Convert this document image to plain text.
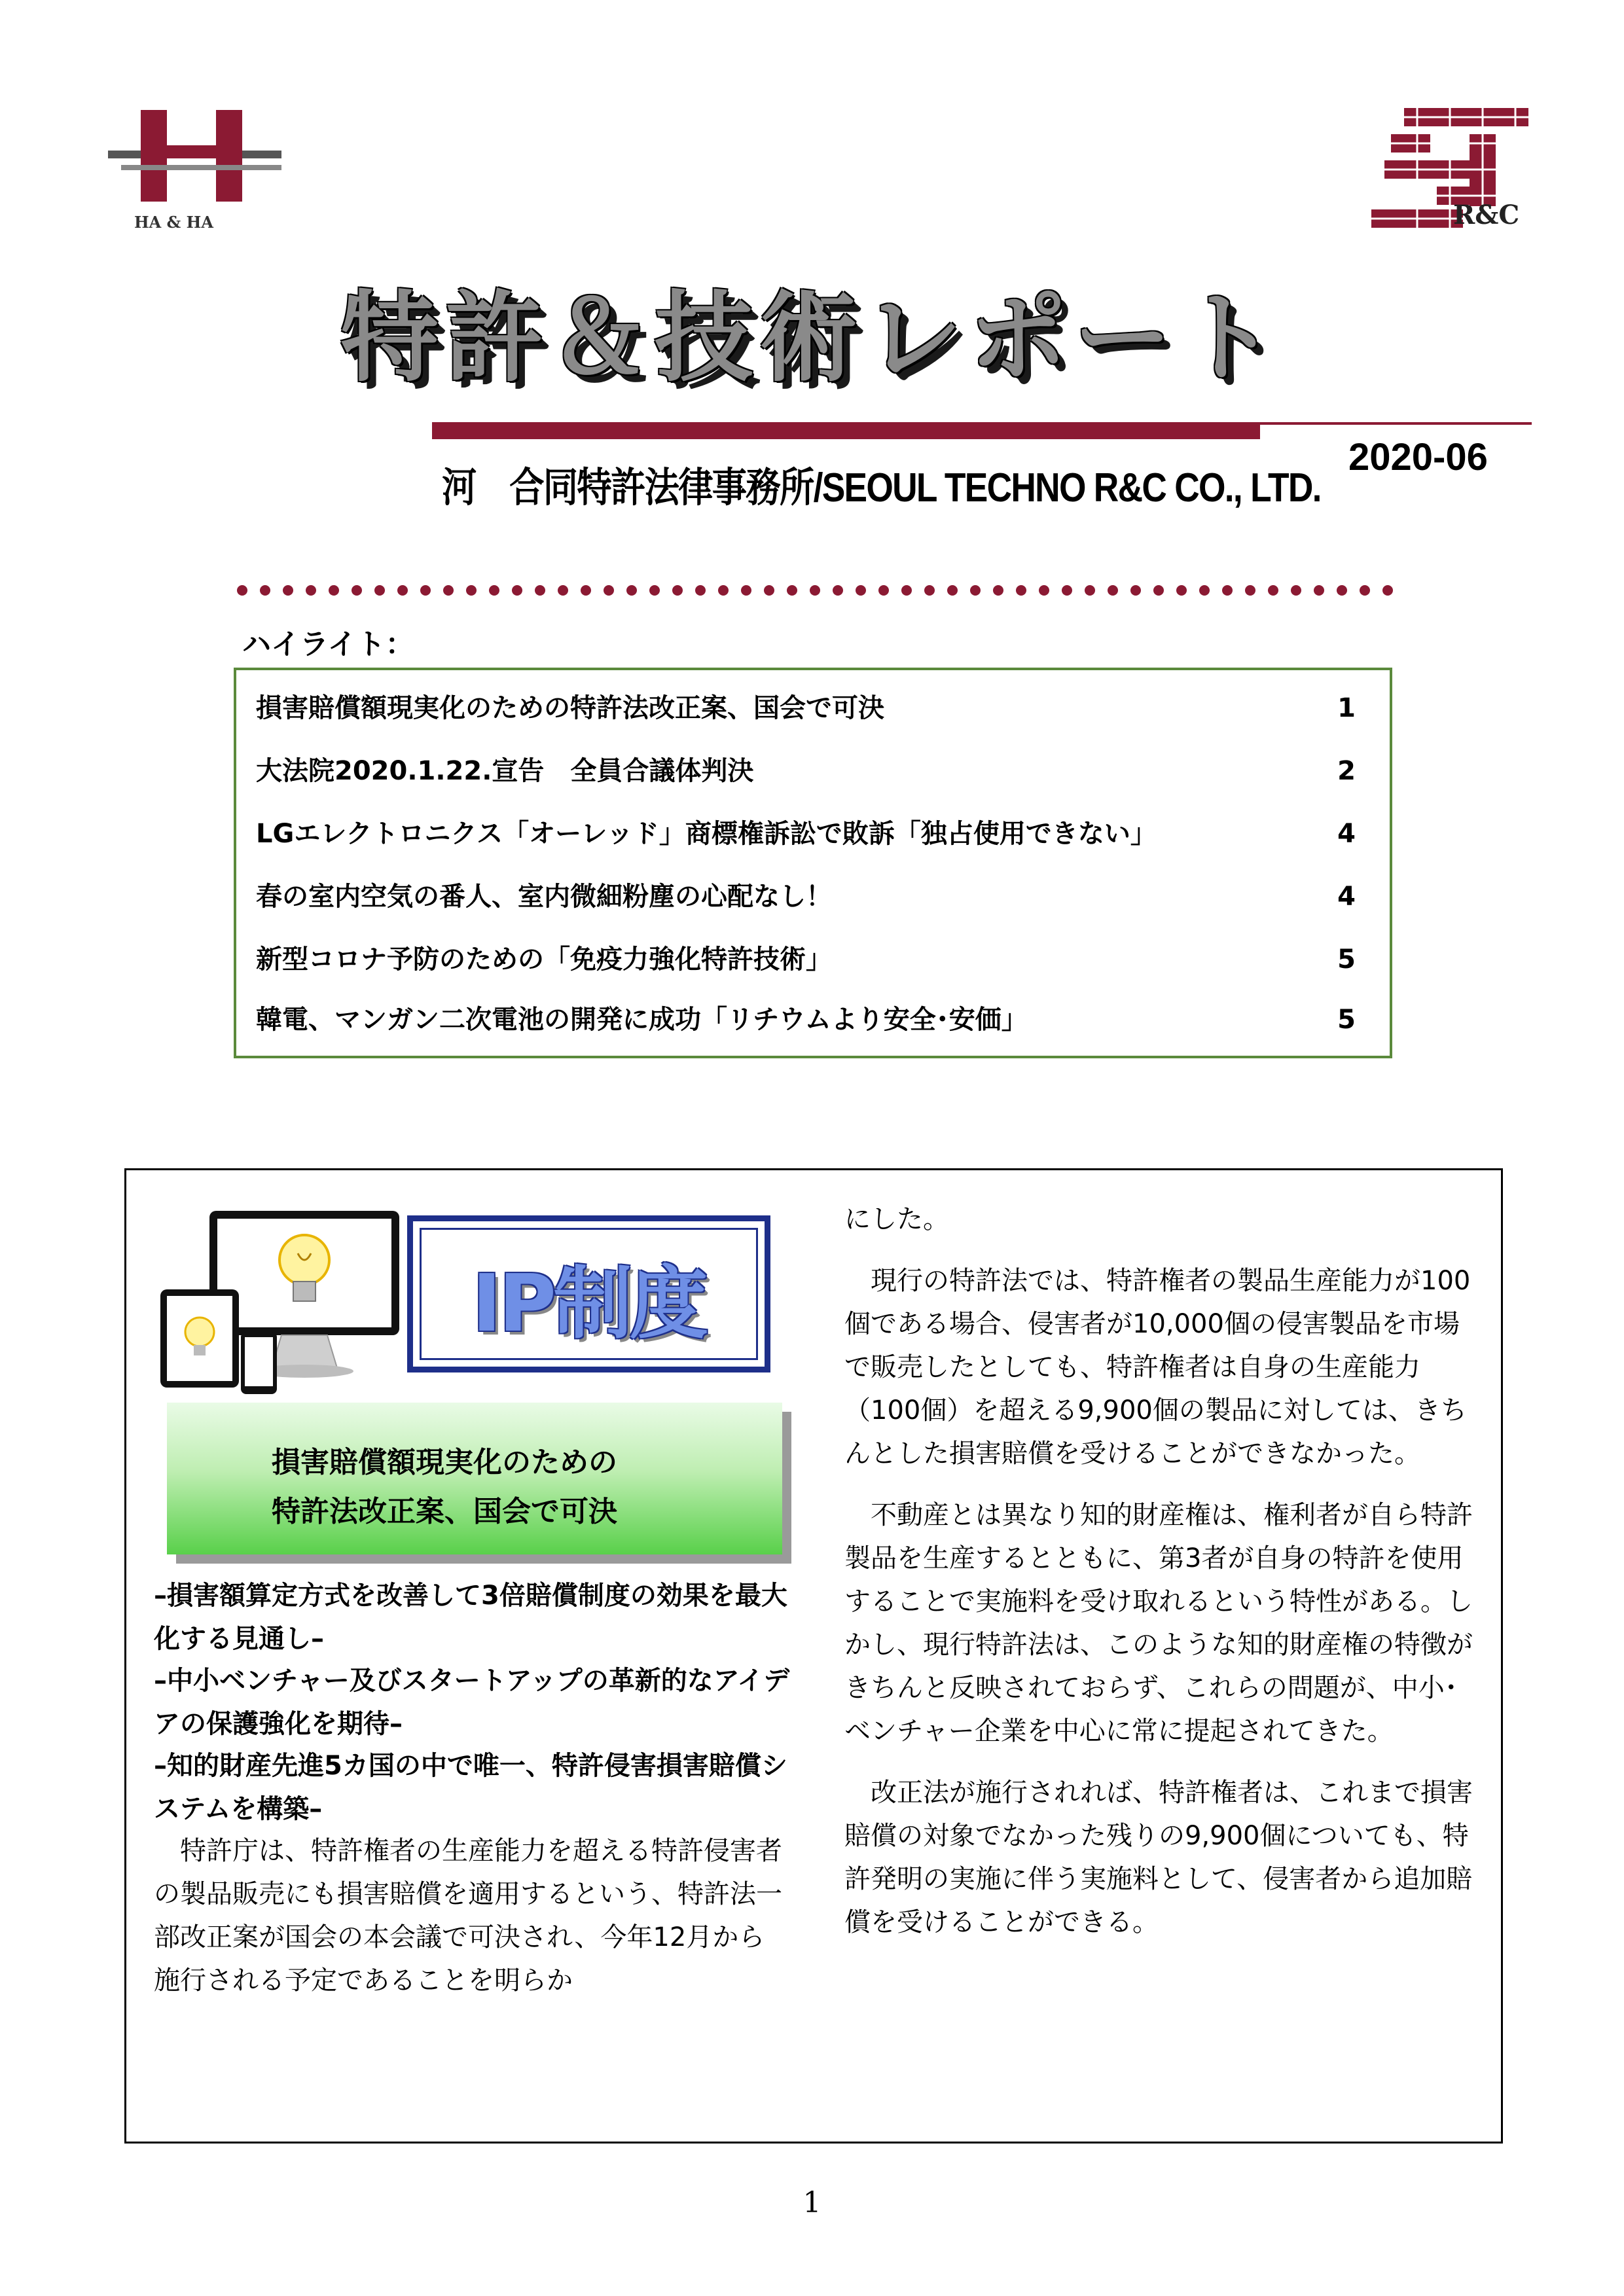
HA & HA	R&C
特許＆技術レポート
河　合同特許法律事務所/SEOUL TECHNO R&C CO., LTD.
2020-06
ハイライト：
損害賠償額現実化のための特許法改正案、国会で可決	1
大法院2020.1.22.宣告　全員合議体判決	2
LGエレクトロニクス「オーレッド」商標権訴訟で敗訴「独占使用できない」	4
春の室内空気の番人、室内微細粉塵の心配なし！	4
新型コロナ予防のための「免疫力強化特許技術」	5
韓電、マンガン二次電池の開発に成功「リチウムより安全･安価」	5
IP制度
損害賠償額現実化のための
特許法改正案、国会で可決
–損害額算定方式を改善して3倍賠償制度の効果を最大化する見通し–
–中小ベンチャー及びスタートアップの革新的なアイデアの保護強化を期待–
–知的財産先進5カ国の中で唯一、特許侵害損害賠償システムを構築–
　特許庁は、特許権者の生産能力を超える特許侵害者の製品販売にも損害賠償を適用するという、特許法一部改正案が国会の本会議で可決され、今年12月から施行される予定であることを明らか

にした。

　現行の特許法では、特許権者の製品生産能力が100個である場合、侵害者が10,000個の侵害製品を市場で販売したとしても、特許権者は自身の生産能力（100個）を超える9,900個の製品に対しては、きちんとした損害賠償を受けることができなかった。

　不動産とは異なり知的財産権は、権利者が自ら特許製品を生産するとともに、第3者が自身の特許を使用することで実施料を受け取れるという特性がある。しかし、現行特許法は、このような知的財産権の特徴がきちんと反映されておらず、これらの問題が、中小･ベンチャー企業を中心に常に提起されてきた。

　改正法が施行されれば、特許権者は、これまで損害賠償の対象でなかった残りの9,900個についても、特許発明の実施に伴う実施料として、侵害者から追加賠償を受けることができる。

1
